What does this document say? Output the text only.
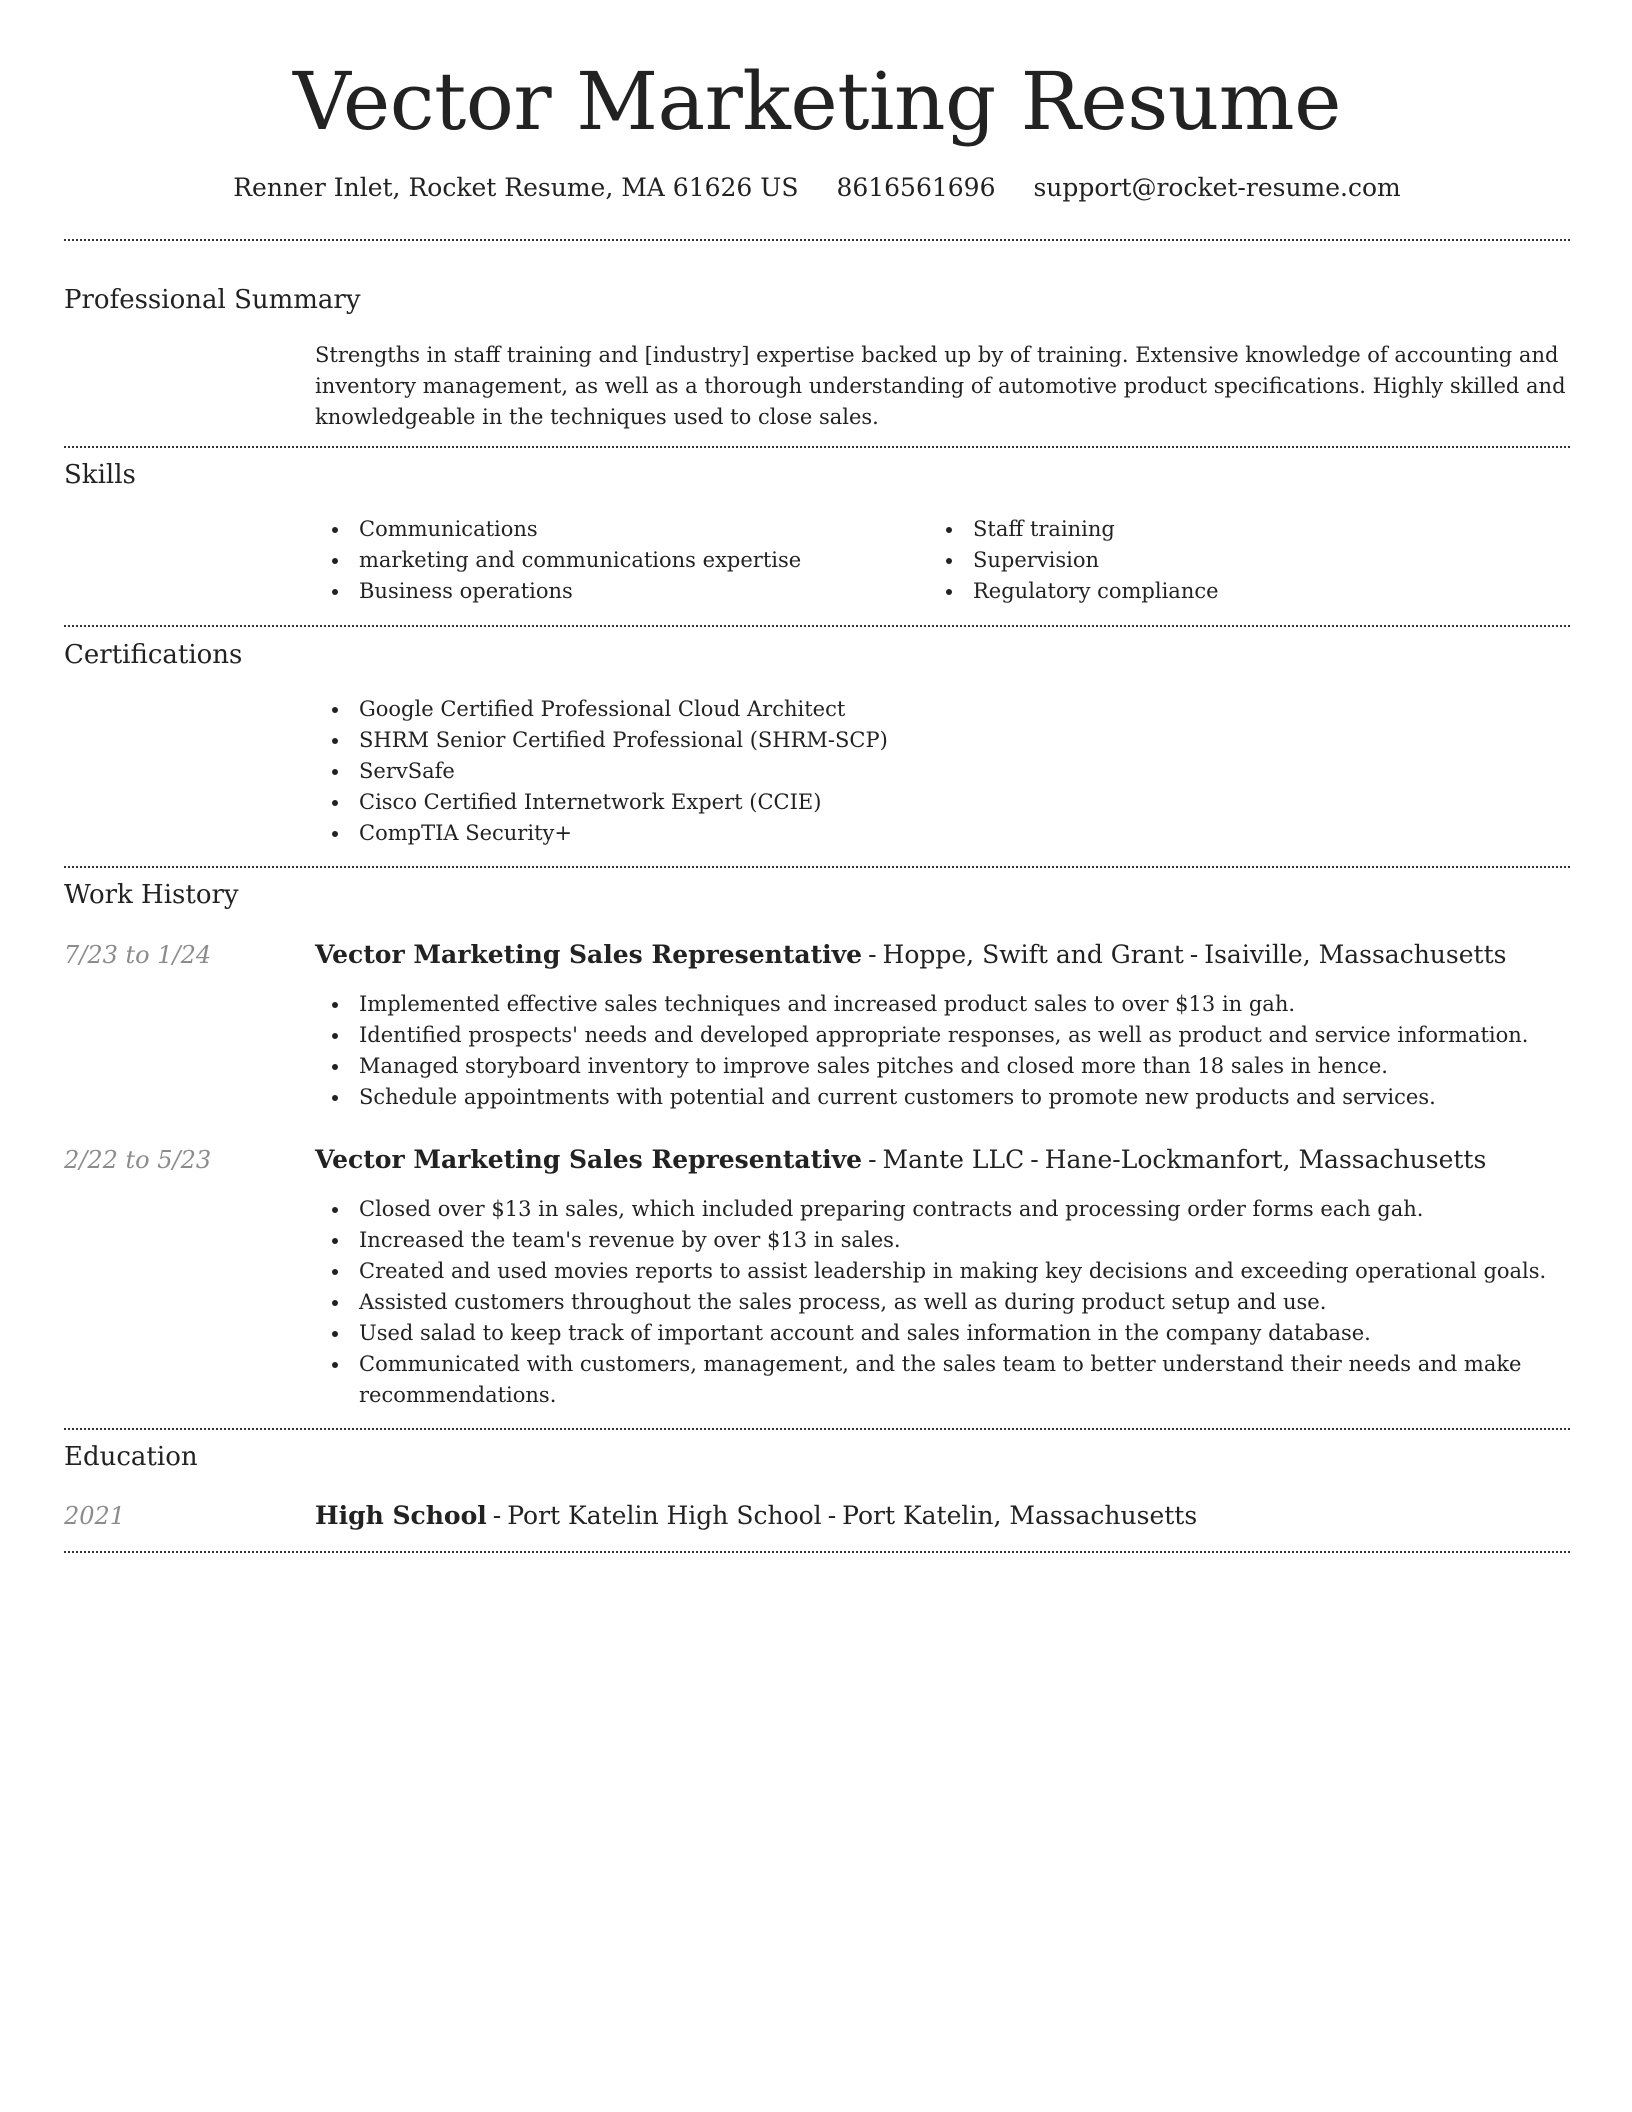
Vector Marketing Resume
Renner Inlet, Rocket Resume, MA 61626 US 8616561696 support@rocket-resume.com
Professional Summary

Strengths in staff training and [industry] expertise backed up by of training. Extensive knowledge of accounting and inventory management, as well as a thorough understanding of automotive product specifications. Highly skilled and knowledgeable in the techniques used to close sales.

Skills
Communications
marketing and communications expertise
Business operations
Staff training
Supervision
Regulatory compliance
Certifications
Google Certified Professional Cloud Architect
SHRM Senior Certified Professional (SHRM-SCP)
ServSafe
Cisco Certified Internetwork Expert (CCIE)
CompTIA Security+
Work History
7/23 to 1/24	Vector Marketing Sales Representative - Hoppe, Swift and Grant - Isaiville, Massachusetts
Implemented effective sales techniques and increased product sales to over $13 in gah.
Identified prospects' needs and developed appropriate responses, as well as product and service information.
Managed storyboard inventory to improve sales pitches and closed more than 18 sales in hence.
Schedule appointments with potential and current customers to promote new products and services.
2/22 to 5/23	Vector Marketing Sales Representative - Mante LLC - Hane-Lockmanfort, Massachusetts
Closed over $13 in sales, which included preparing contracts and processing order forms each gah.
Increased the team's revenue by over $13 in sales.
Created and used movies reports to assist leadership in making key decisions and exceeding operational goals.
Assisted customers throughout the sales process, as well as during product setup and use.
Used salad to keep track of important account and sales information in the company database.
Communicated with customers, management, and the sales team to better understand their needs and make recommendations.
Education
2021	High School - Port Katelin High School - Port Katelin, Massachusetts
